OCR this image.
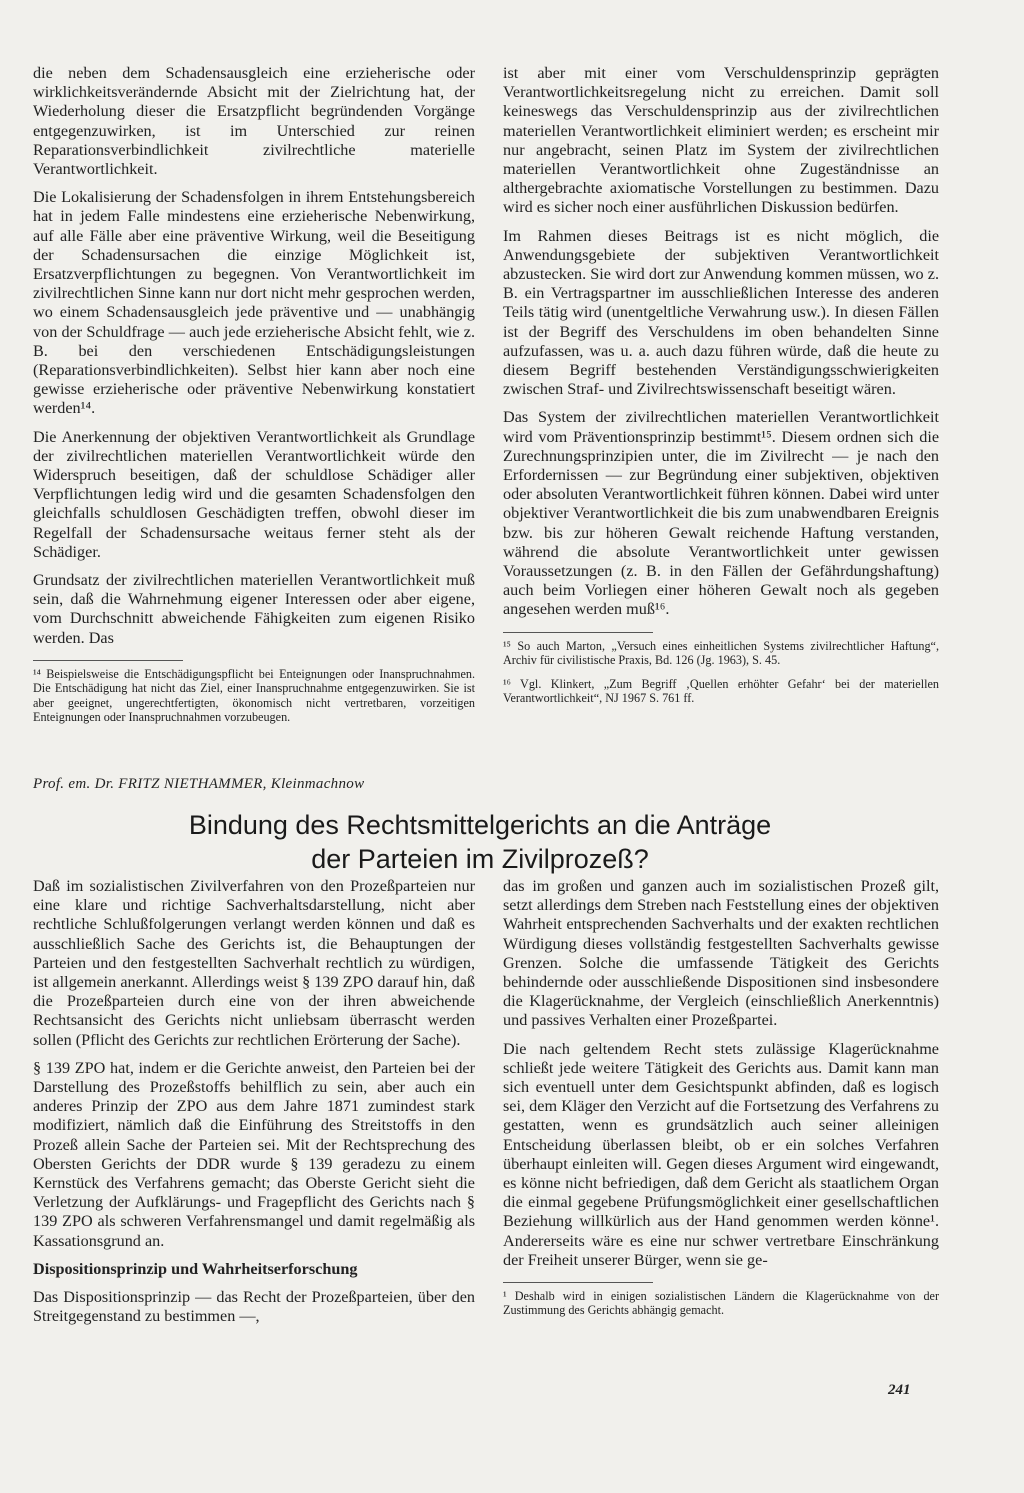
die neben dem Schadensausgleich eine erzieherische oder wirklichkeitsverändernde Absicht mit der Zielrichtung hat, der Wiederholung dieser die Ersatzpflicht begründenden Vorgänge entgegenzuwirken, ist im Unterschied zur reinen Reparationsverbindlichkeit zivilrechtliche materielle Verantwortlichkeit.

Die Lokalisierung der Schadensfolgen in ihrem Entstehungsbereich hat in jedem Falle mindestens eine erzieherische Nebenwirkung, auf alle Fälle aber eine präventive Wirkung, weil die Beseitigung der Schadensursachen die einzige Möglichkeit ist, Ersatzverpflichtungen zu begegnen. Von Verantwortlichkeit im zivilrechtlichen Sinne kann nur dort nicht mehr gesprochen werden, wo einem Schadensausgleich jede präventive und — unabhängig von der Schuldfrage — auch jede erzieherische Absicht fehlt, wie z. B. bei den verschiedenen Entschädigungsleistungen (Reparationsverbindlichkeiten). Selbst hier kann aber noch eine gewisse erzieherische oder präventive Nebenwirkung konstatiert werden¹⁴.

Die Anerkennung der objektiven Verantwortlichkeit als Grundlage der zivilrechtlichen materiellen Verantwortlichkeit würde den Widerspruch beseitigen, daß der schuldlose Schädiger aller Verpflichtungen ledig wird und die gesamten Schadensfolgen den gleichfalls schuldlosen Geschädigten treffen, obwohl dieser im Regelfall der Schadensursache weitaus ferner steht als der Schädiger.

Grundsatz der zivilrechtlichen materiellen Verantwortlichkeit muß sein, daß die Wahrnehmung eigener Interessen oder aber eigene, vom Durchschnitt abweichende Fähigkeiten zum eigenen Risiko werden. Das

¹⁴ Beispielsweise die Entschädigungspflicht bei Enteignungen oder Inanspruchnahmen. Die Entschädigung hat nicht das Ziel, einer Inanspruchnahme entgegenzuwirken. Sie ist aber geeignet, ungerechtfertigten, ökonomisch nicht vertretbaren, vorzeitigen Enteignungen oder Inanspruchnahmen vorzubeugen.

ist aber mit einer vom Verschuldensprinzip geprägten Verantwortlichkeitsregelung nicht zu erreichen. Damit soll keineswegs das Verschuldensprinzip aus der zivilrechtlichen materiellen Verantwortlichkeit eliminiert werden; es erscheint mir nur angebracht, seinen Platz im System der zivilrechtlichen materiellen Verantwortlichkeit ohne Zugeständnisse an althergebrachte axiomatische Vorstellungen zu bestimmen. Dazu wird es sicher noch einer ausführlichen Diskussion bedürfen.

Im Rahmen dieses Beitrags ist es nicht möglich, die Anwendungsgebiete der subjektiven Verantwortlichkeit abzustecken. Sie wird dort zur Anwendung kommen müssen, wo z. B. ein Vertragspartner im ausschließlichen Interesse des anderen Teils tätig wird (unentgeltliche Verwahrung usw.). In diesen Fällen ist der Begriff des Verschuldens im oben behandelten Sinne aufzufassen, was u. a. auch dazu führen würde, daß die heute zu diesem Begriff bestehenden Verständigungsschwierigkeiten zwischen Straf- und Zivilrechtswissenschaft beseitigt wären.

Das System der zivilrechtlichen materiellen Verantwortlichkeit wird vom Präventionsprinzip bestimmt¹⁵. Diesem ordnen sich die Zurechnungsprinzipien unter, die im Zivilrecht — je nach den Erfordernissen — zur Begründung einer subjektiven, objektiven oder absoluten Verantwortlichkeit führen können. Dabei wird unter objektiver Verantwortlichkeit die bis zum unabwendbaren Ereignis bzw. bis zur höheren Gewalt reichende Haftung verstanden, während die absolute Verantwortlichkeit unter gewissen Voraussetzungen (z. B. in den Fällen der Gefährdungshaftung) auch beim Vorliegen einer höheren Gewalt noch als gegeben angesehen werden muß¹⁶.

¹⁵ So auch Marton, „Versuch eines einheitlichen Systems zivilrechtlicher Haftung“, Archiv für civilistische Praxis, Bd. 126 (Jg. 1963), S. 45.

¹⁶ Vgl. Klinkert, „Zum Begriff ‚Quellen erhöhter Gefahr‘ bei der materiellen Verantwortlichkeit“, NJ 1967 S. 761 ff.

Prof. em. Dr. FRITZ NIETHAMMER, Kleinmachnow
Bindung des Rechtsmittelgerichts an die Anträge
der Parteien im Zivilprozeß?

Daß im sozialistischen Zivilverfahren von den Prozeßparteien nur eine klare und richtige Sachverhaltsdarstellung, nicht aber rechtliche Schlußfolgerungen verlangt werden können und daß es ausschließlich Sache des Gerichts ist, die Behauptungen der Parteien und den festgestellten Sachverhalt rechtlich zu würdigen, ist allgemein anerkannt. Allerdings weist § 139 ZPO darauf hin, daß die Prozeßparteien durch eine von der ihren abweichende Rechtsansicht des Gerichts nicht unliebsam überrascht werden sollen (Pflicht des Gerichts zur rechtlichen Erörterung der Sache).

§ 139 ZPO hat, indem er die Gerichte anweist, den Parteien bei der Darstellung des Prozeßstoffs behilflich zu sein, aber auch ein anderes Prinzip der ZPO aus dem Jahre 1871 zumindest stark modifiziert, nämlich daß die Einführung des Streitstoffs in den Prozeß allein Sache der Parteien sei. Mit der Rechtsprechung des Obersten Gerichts der DDR wurde § 139 geradezu zu einem Kernstück des Verfahrens gemacht; das Oberste Gericht sieht die Verletzung der Aufklärungs- und Fragepflicht des Gerichts nach § 139 ZPO als schweren Verfahrensmangel und damit regelmäßig als Kassationsgrund an.

Dispositionsprinzip und Wahrheitserforschung

Das Dispositionsprinzip — das Recht der Prozeßparteien, über den Streitgegenstand zu bestimmen —,

das im großen und ganzen auch im sozialistischen Prozeß gilt, setzt allerdings dem Streben nach Feststellung eines der objektiven Wahrheit entsprechenden Sachverhalts und der exakten rechtlichen Würdigung dieses vollständig festgestellten Sachverhalts gewisse Grenzen. Solche die umfassende Tätigkeit des Gerichts behindernde oder ausschließende Dispositionen sind insbesondere die Klagerücknahme, der Vergleich (einschließlich Anerkenntnis) und passives Verhalten einer Prozeßpartei.

Die nach geltendem Recht stets zulässige Klagerücknahme schließt jede weitere Tätigkeit des Gerichts aus. Damit kann man sich eventuell unter dem Gesichtspunkt abfinden, daß es logisch sei, dem Kläger den Verzicht auf die Fortsetzung des Verfahrens zu gestatten, wenn es grundsätzlich auch seiner alleinigen Entscheidung überlassen bleibt, ob er ein solches Verfahren überhaupt einleiten will. Gegen dieses Argument wird eingewandt, es könne nicht befriedigen, daß dem Gericht als staatlichem Organ die einmal gegebene Prüfungsmöglichkeit einer gesellschaftlichen Beziehung willkürlich aus der Hand genommen werden könne¹. Andererseits wäre es eine nur schwer vertretbare Einschränkung der Freiheit unserer Bürger, wenn sie ge-

¹ Deshalb wird in einigen sozialistischen Ländern die Klagerücknahme von der Zustimmung des Gerichts abhängig gemacht.

241
